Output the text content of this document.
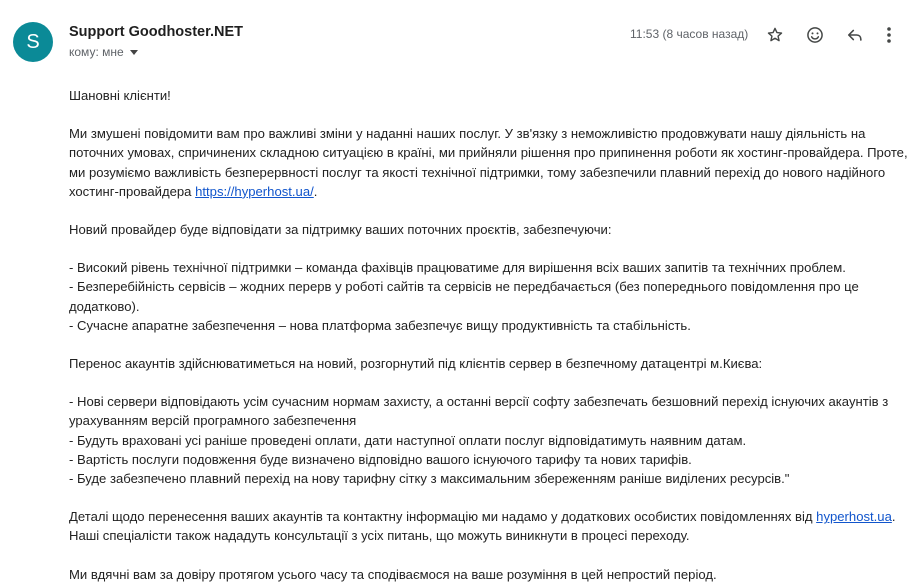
S Support Goodhoster.NET
кому: мне
11:53 (8 часов назад)

Шановні клієнти!

Ми змушені повідомити вам про важливі зміни у наданні наших послуг. У зв'язку з неможливістю продовжувати нашу діяльність на поточних умовах, спричинених складною ситуацією в країні, ми прийняли рішення про припинення роботи як хостинг-провайдера. Проте, ми розуміємо важливість безперервності послуг та якості технічної підтримки, тому забезпечили плавний перехід до нового надійного хостинг-провайдера https://hyperhost.ua/.

Новий провайдер буде відповідати за підтримку ваших поточних проєктів, забезпечуючи:

- Високий рівень технічної підтримки – команда фахівців працюватиме для вирішення всіх ваших запитів та технічних проблем.

- Безперебійність сервісів – жодних перерв у роботі сайтів та сервісів не передбачається (без попереднього повідомлення про це додатково).

- Сучасне апаратне забезпечення – нова платформа забезпечує вищу продуктивність та стабільність.

Перенос акаунтів здійснюватиметься на новий, розгорнутий під клієнтів сервер в безпечному датацентрі м.Києва:

- Нові сервери відповідають усім сучасним нормам захисту, а останні версії софту забезпечать безшовний перехід існуючих акаунтів з урахуванням версій програмного забезпечення

- Будуть враховані усі раніше проведені оплати, дати наступної оплати послуг відповідатимуть наявним датам.

- Вартість послуги подовження буде визначено відповідно вашого існуючого тарифу та нових тарифів.

- Буде забезпечено плавний перехід на нову тарифну сітку з максимальним збереженням раніше виділених ресурсів."

Деталі щодо перенесення ваших акаунтів та контактну інформацію ми надамо у додаткових особистих повідомленнях від hyperhost.ua. Наші спеціалісти також нададуть консультації з усіх питань, що можуть виникнути в процесі переходу.

Ми вдячні вам за довіру протягом усього часу та сподіваємося на ваше розуміння в цей непростий період.
